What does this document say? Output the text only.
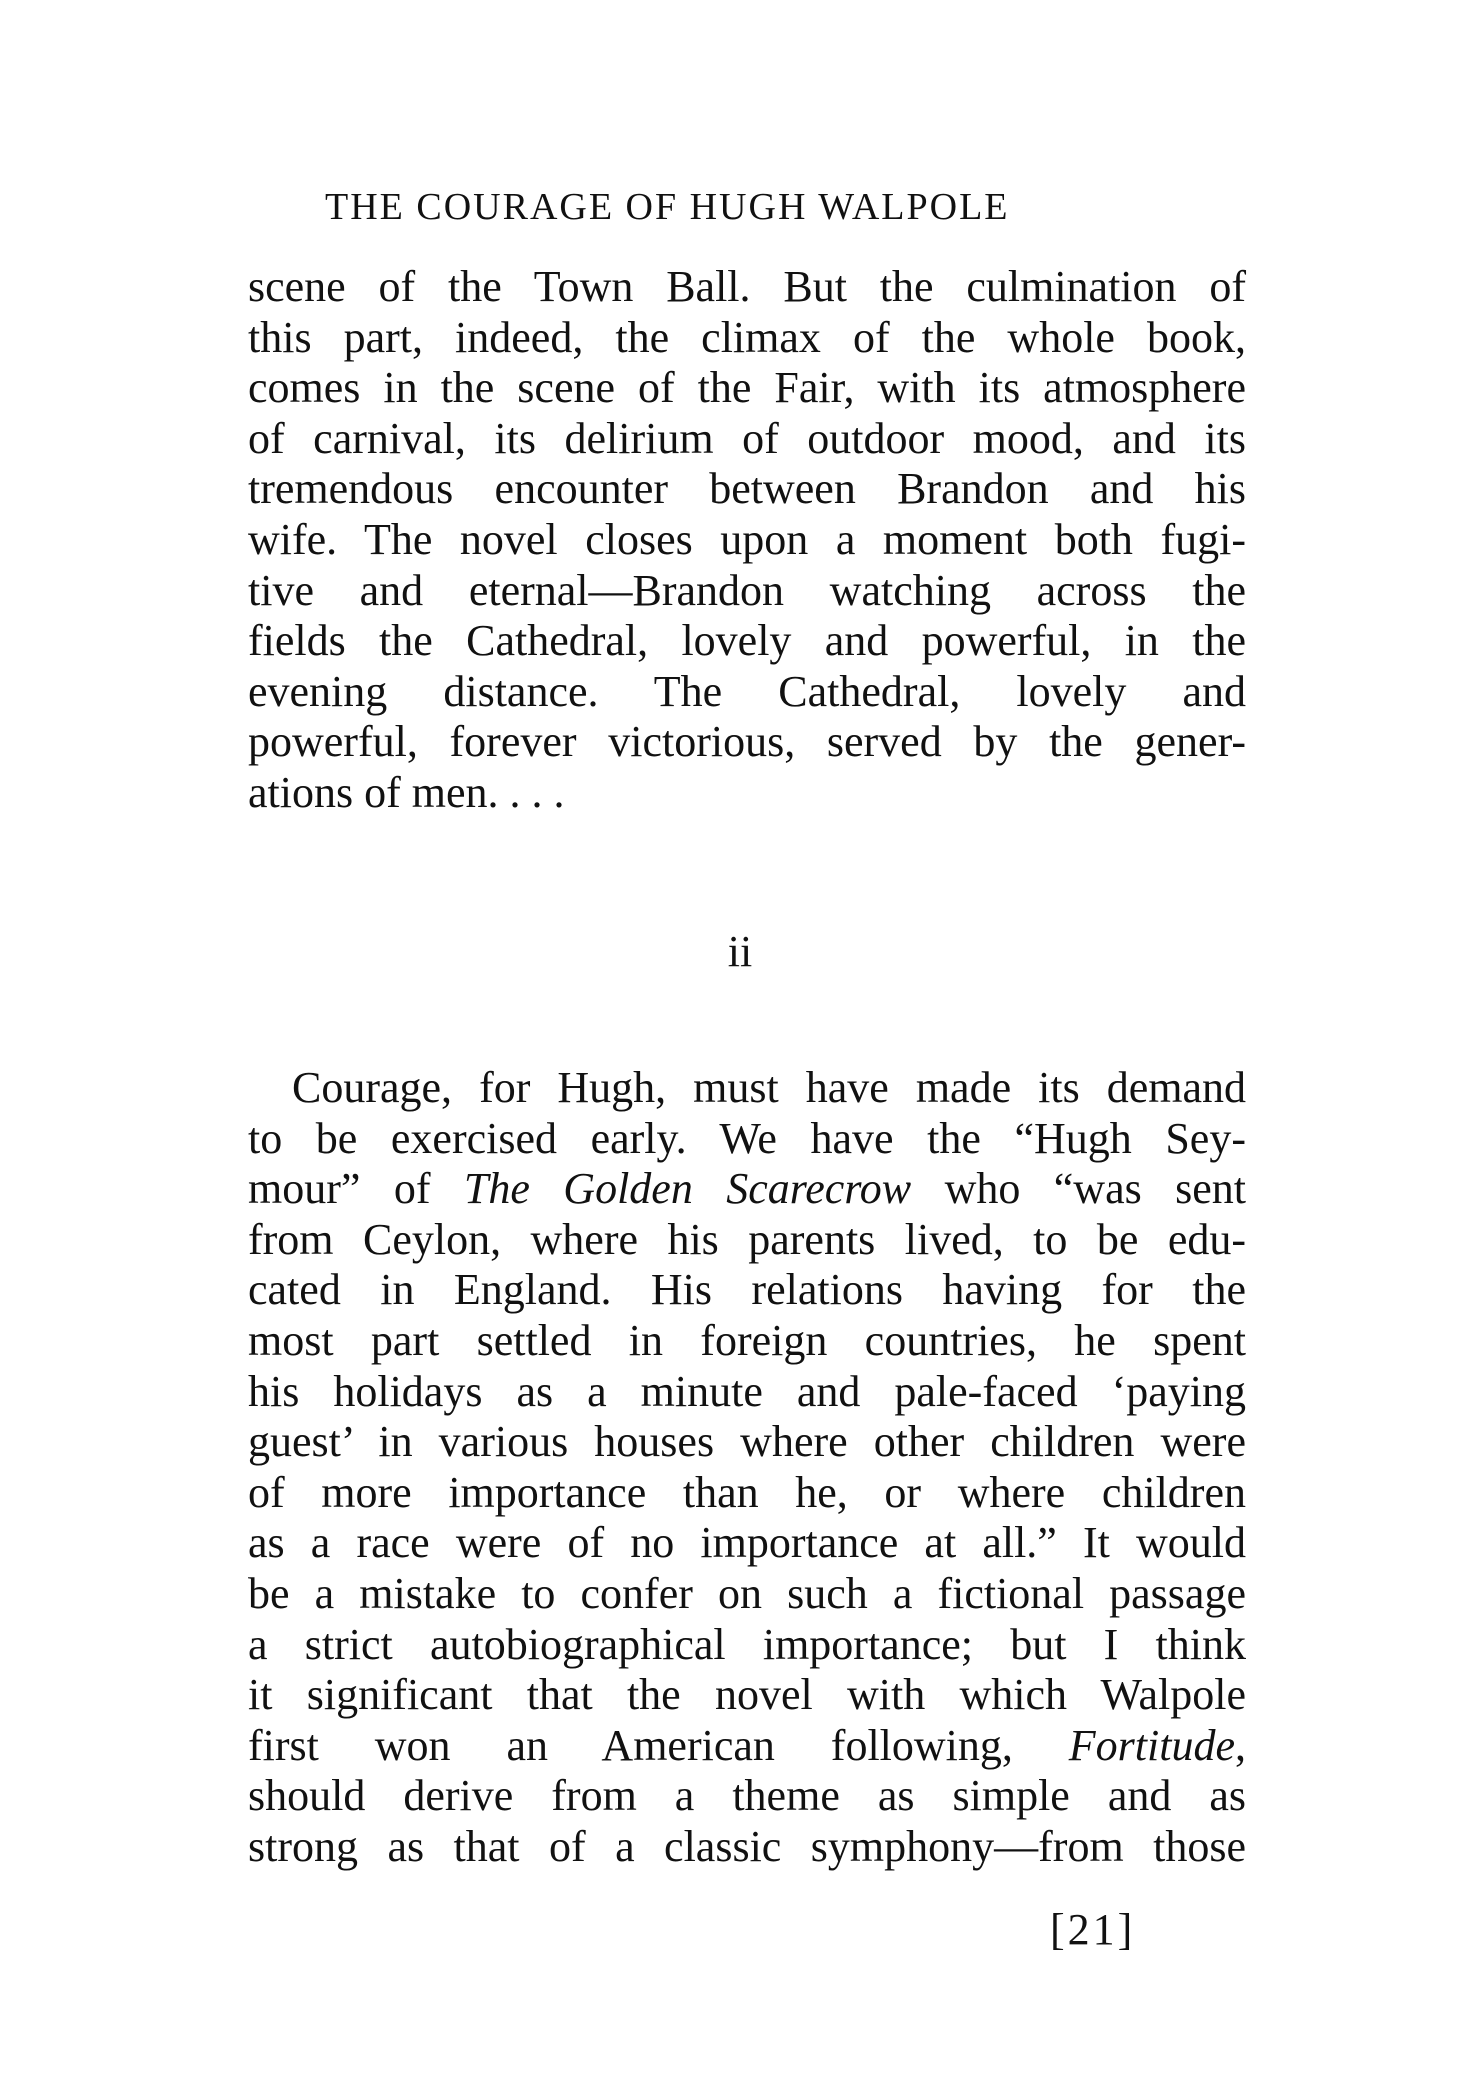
THE COURAGE OF HUGH WALPOLE
scene of the Town Ball. But the culmination of
this part, indeed, the climax of the whole book,
comes in the scene of the Fair, with its atmosphere
of carnival, its delirium of outdoor mood, and its
tremendous encounter between Brandon and his
wife. The novel closes upon a moment both fugi-
tive and eternal—Brandon watching across the
fields the Cathedral, lovely and powerful, in the
evening distance. The Cathedral, lovely and
powerful, forever victorious, served by the gener-
ations of men. . . .
ii
Courage, for Hugh, must have made its demand
to be exercised early. We have the “Hugh Sey-
mour” of The Golden Scarecrow who “was sent
from Ceylon, where his parents lived, to be edu-
cated in England. His relations having for the
most part settled in foreign countries, he spent
his holidays as a minute and pale-faced ‘paying
guest’ in various houses where other children were
of more importance than he, or where children
as a race were of no importance at all.” It would
be a mistake to confer on such a fictional passage
a strict autobiographical importance; but I think
it significant that the novel with which Walpole
first won an American following, Fortitude,
should derive from a theme as simple and as
strong as that of a classic symphony—from those
[21]
